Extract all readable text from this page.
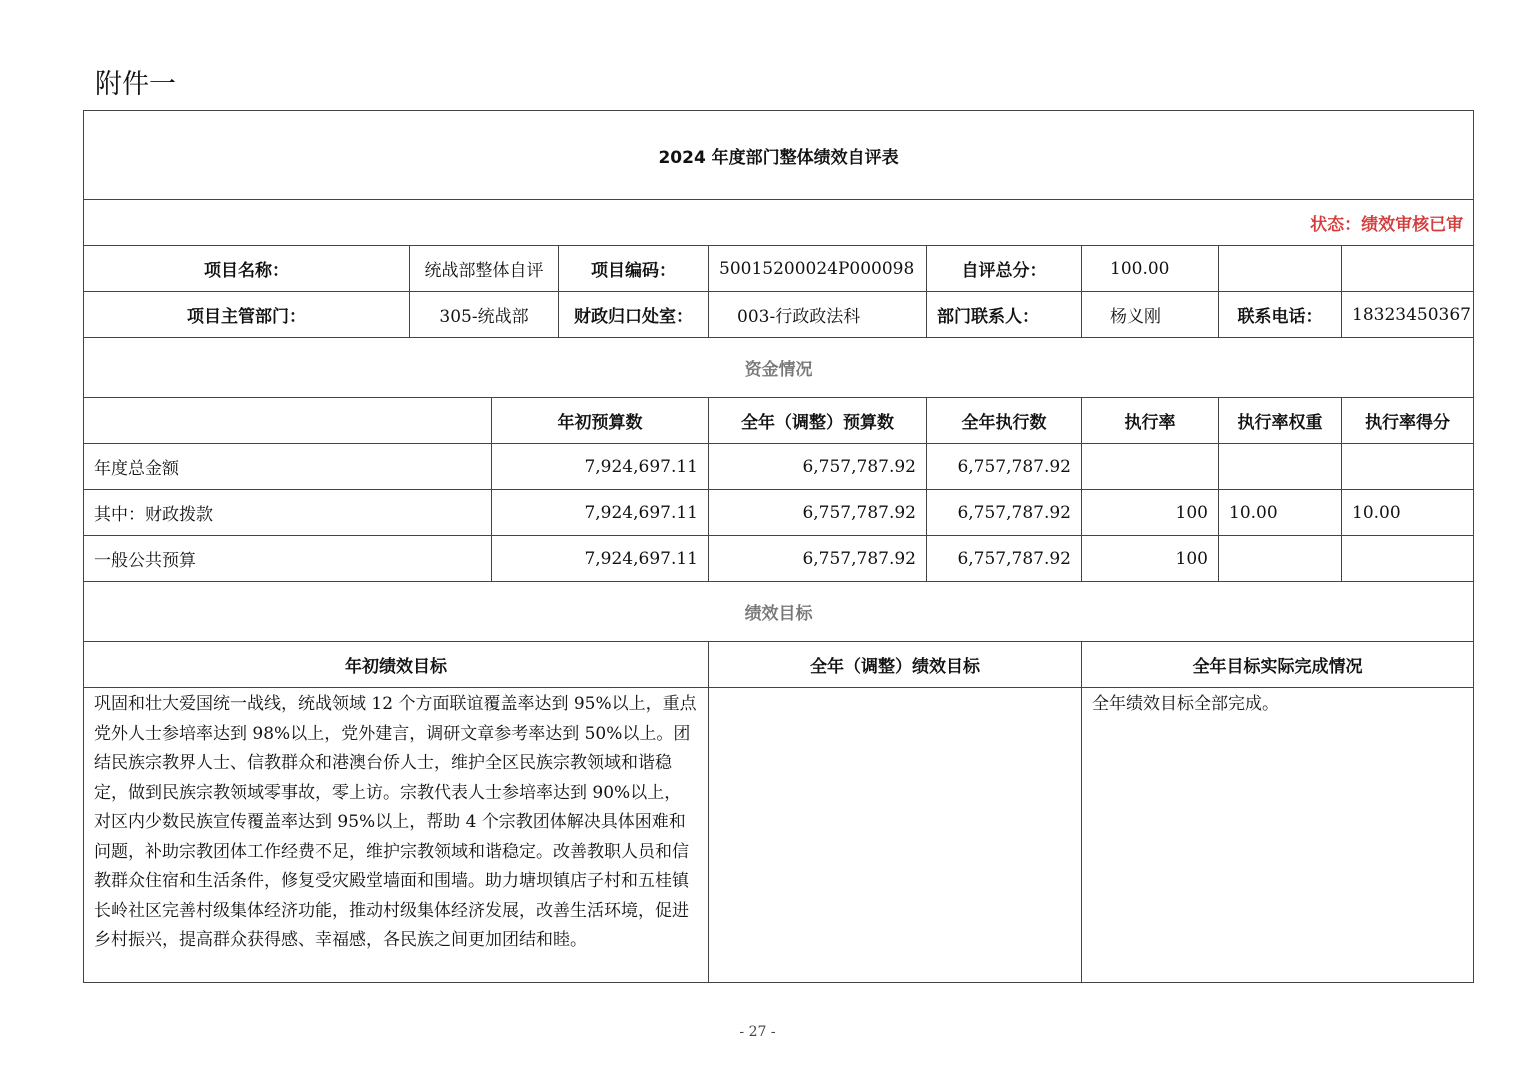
附件一
2024 年度部门整体绩效自评表								
状态：绩效审核已审								
项目名称：	统战部整体自评		项目编码：	50015200024P000098	自评总分：	100.00		
项目主管部门：	305-统战部		财政归口处室：	003-行政政法科	部门联系人：	杨义刚	联系电话：	18323450367
资金情况								
		年初预算数		全年（调整）预算数	全年执行数	执行率	执行率权重	执行率得分
年度总金额		7,924,697.11		6,757,787.92	6,757,787.92			
其中：财政拨款		7,924,697.11		6,757,787.92	6,757,787.92	100	10.00	10.00
一般公共预算		7,924,697.11		6,757,787.92	6,757,787.92	100		
绩效目标								
年初绩效目标				全年（调整）绩效目标		全年目标实际完成情况		
巩固和壮大爱国统一战线，统战领域 12 个方面联谊覆盖率达到 95%以上，重点党外人士参培率达到 98%以上，党外建言，调研文章参考率达到 50%以上。团结民族宗教界人士、信教群众和港澳台侨人士，维护全区民族宗教领域和谐稳定，做到民族宗教领域零事故，零上访。宗教代表人士参培率达到 90%以上，对区内少数民族宣传覆盖率达到 95%以上，帮助 4 个宗教团体解决具体困难和问题，补助宗教团体工作经费不足，维护宗教领域和谐稳定。改善教职人员和信教群众住宿和生活条件，修复受灾殿堂墙面和围墙。助力塘坝镇店子村和五桂镇长岭社区完善村级集体经济功能，推动村级集体经济发展，改善生活环境，促进乡村振兴，提高群众获得感、幸福感，各民族之间更加团结和睦。						全年绩效目标全部完成。		
- 27 -
